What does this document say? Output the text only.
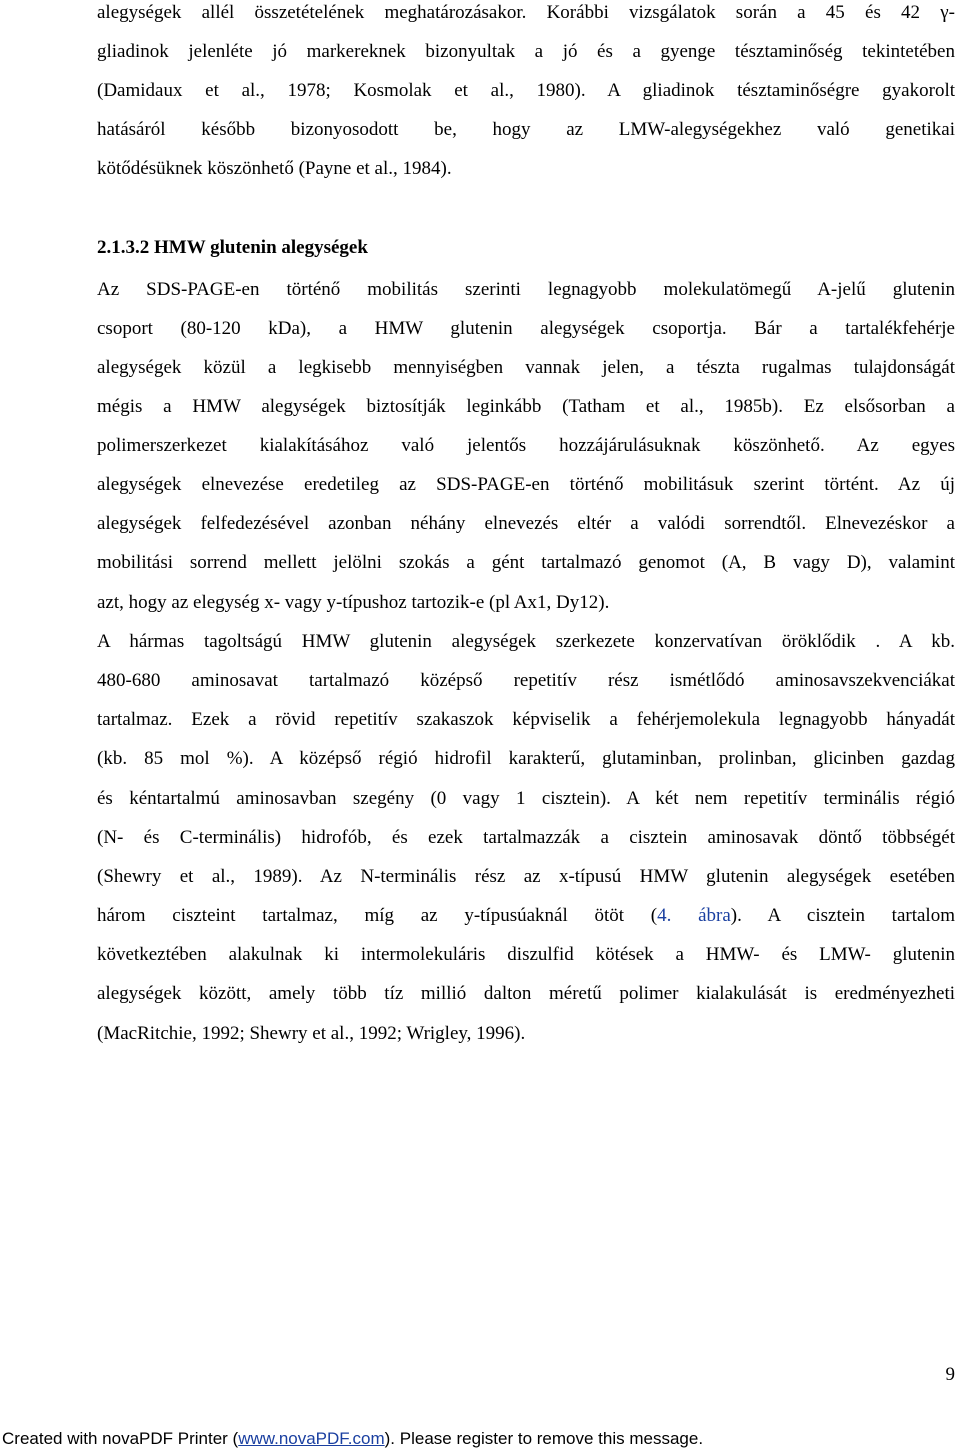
alegységek allél összetételének meghatározásakor. Korábbi vizsgálatok során a 45 és 42 γ-
gliadinok jelenléte jó markereknek bizonyultak a jó és a gyenge tésztaminőség tekintetében
(Damidaux et al., 1978; Kosmolak et al., 1980). A gliadinok tésztaminőségre gyakorolt
hatásáról később bizonyosodott be, hogy az LMW-alegységekhez való genetikai
kötődésüknek köszönhető (Payne et al., 1984).
2.1.3.2 HMW glutenin alegységek
Az SDS-PAGE-en történő mobilitás szerinti legnagyobb molekulatömegű A-jelű glutenin
csoport (80-120 kDa), a HMW glutenin alegységek csoportja. Bár a tartalékfehérje
alegységek közül a legkisebb mennyiségben vannak jelen, a tészta rugalmas tulajdonságát
mégis a HMW alegységek biztosítják leginkább (Tatham et al., 1985b). Ez elsősorban a
polimerszerkezet kialakításához való jelentős hozzájárulásuknak köszönhető. Az egyes
alegységek elnevezése eredetileg az SDS-PAGE-en történő mobilitásuk szerint történt. Az új
alegységek felfedezésével azonban néhány elnevezés eltér a valódi sorrendtől. Elnevezéskor a
mobilitási sorrend mellett jelölni szokás a gént tartalmazó genomot (A, B vagy D), valamint
azt, hogy az elegység x- vagy y-típushoz tartozik-e (pl Ax1, Dy12).
A hármas tagoltságú HMW glutenin alegységek szerkezete konzervatívan öröklődik . A kb.
480-680 aminosavat tartalmazó középső repetitív rész ismétlődó aminosavszekvenciákat
tartalmaz. Ezek a rövid repetitív szakaszok képviselik a fehérjemolekula legnagyobb hányadát
(kb. 85 mol %). A középső régió hidrofil karakterű, glutaminban, prolinban, glicinben gazdag
és kéntartalmú aminosavban szegény (0 vagy 1 cisztein). A két nem repetitív terminális régió
(N- és C-terminális) hidrofób, és ezek tartalmazzák a cisztein aminosavak döntő többségét
(Shewry et al., 1989). Az N-terminális rész az x-típusú HMW glutenin alegységek esetében
három ciszteint tartalmaz, míg az y-típusúaknál ötöt (4. ábra). A cisztein tartalom
következtében alakulnak ki intermolekuláris diszulfid kötések a HMW- és LMW- glutenin
alegységek között, amely több tíz millió dalton méretű polimer kialakulását is eredményezheti
(MacRitchie, 1992; Shewry et al., 1992; Wrigley, 1996).
9
Created with novaPDF Printer (www.novaPDF.com). Please register to remove this message.
